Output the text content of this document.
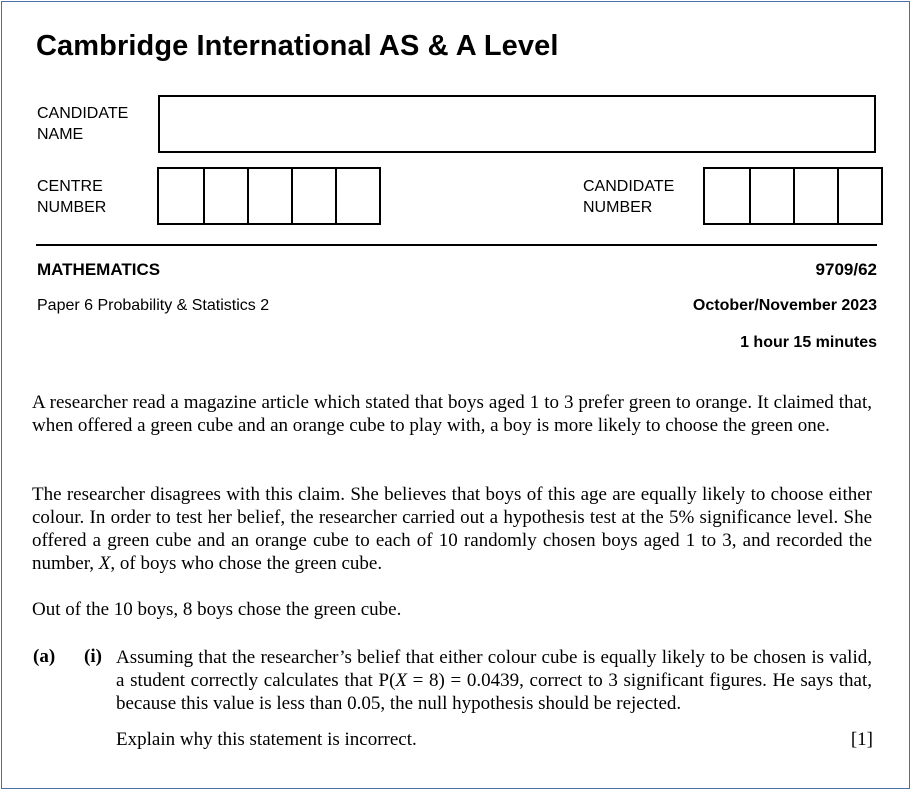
Cambridge International AS & A Level
CANDIDATE
NAME
CENTRE
NUMBER
CANDIDATE
NUMBER
MATHEMATICS	9709/62
Paper 6 Probability & Statistics 2	October/November 2023
1 hour 15 minutes
A researcher read a magazine article which stated that boys aged 1 to 3 prefer green to orange. It claimed that, when offered a green cube and an orange cube to play with, a boy is more likely to choose the green one.
The researcher disagrees with this claim. She believes that boys of this age are equally likely to choose either colour. In order to test her belief, the researcher carried out a hypothesis test at the 5% significance level. She offered a green cube and an orange cube to each of 10 randomly chosen boys aged 1 to 3, and recorded the number, X, of boys who chose the green cube.
Out of the 10 boys, 8 boys chose the green cube.
(a) (i) Assuming that the researcher’s belief that either colour cube is equally likely to be chosen is valid, a student correctly calculates that P(X = 8) = 0.0439, correct to 3 significant figures. He says that, because this value is less than 0.05, the null hypothesis should be rejected.
Explain why this statement is incorrect.	[1]
